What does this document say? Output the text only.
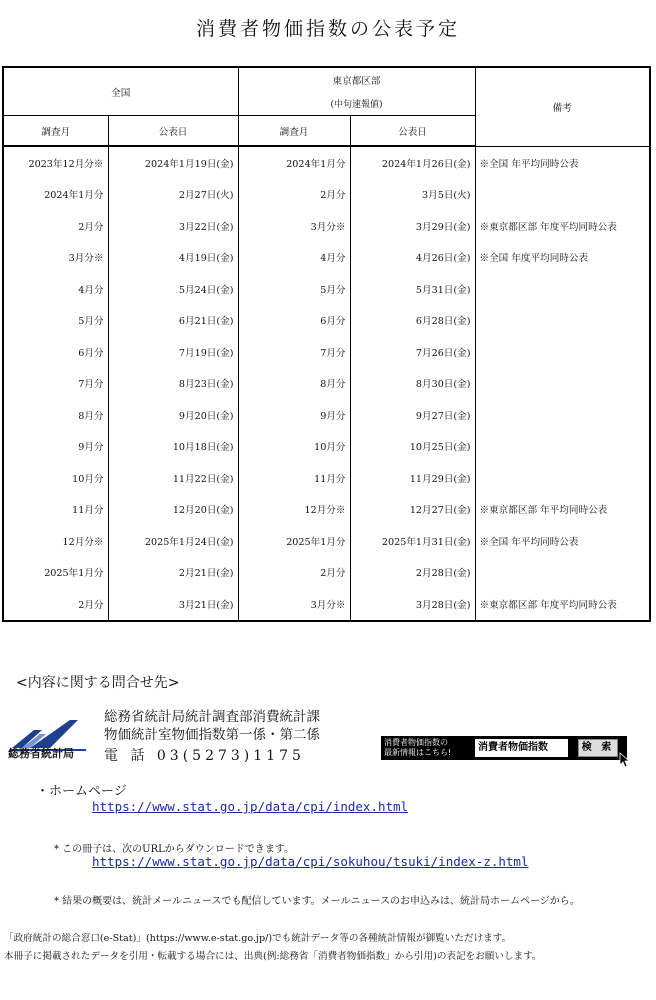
消費者物価指数の公表予定
全国		東京都区部		備考
		(中旬速報値)		
調査月	公表日	調査月	公表日	
2023年12月分※	2024年1月19日(金)	2024年1月分	2024年1月26日(金)	※全国 年平均同時公表
2024年1月分	2月27日(火)	2月分	3月5日(火)	
2月分	3月22日(金)	3月分※	3月29日(金)	※東京都区部 年度平均同時公表
3月分※	4月19日(金)	4月分	4月26日(金)	※全国 年度平均同時公表
4月分	5月24日(金)	5月分	5月31日(金)	
5月分	6月21日(金)	6月分	6月28日(金)	
6月分	7月19日(金)	7月分	7月26日(金)	
7月分	8月23日(金)	8月分	8月30日(金)	
8月分	9月20日(金)	9月分	9月27日(金)	
9月分	10月18日(金)	10月分	10月25日(金)	
10月分	11月22日(金)	11月分	11月29日(金)	
11月分	12月20日(金)	12月分※	12月27日(金)	※東京都区部 年平均同時公表
12月分※	2025年1月24日(金)	2025年1月分	2025年1月31日(金)	※全国 年平均同時公表
2025年1月分	2月21日(金)	2月分	2月28日(金)	
2月分	3月21日(金)	3月分※	3月28日(金)	※東京都区部 年度平均同時公表
<内容に関する問合せ先>
総務省統計局
総務省統計局統計調査部消費統計課
物価統計室物価指数第一係・第二係
電 話 03(5273)1175
消費者物価指数の
最新情報はこちら!	消費者物価指数	検 索
・ホームページ
https://www.stat.go.jp/data/cpi/index.html
* この冊子は、次のURLからダウンロードできます。
https://www.stat.go.jp/data/cpi/sokuhou/tsuki/index-z.html
* 結果の概要は、統計メールニュースでも配信しています。メールニュースのお申込みは、統計局ホームページから。
「政府統計の総合窓口(e-Stat)」(https://www.e-stat.go.jp/)でも統計データ等の各種統計情報が御覧いただけます。
本冊子に掲載されたデータを引用・転載する場合には、出典(例:総務省「消費者物価指数」から引用)の表記をお願いします。
